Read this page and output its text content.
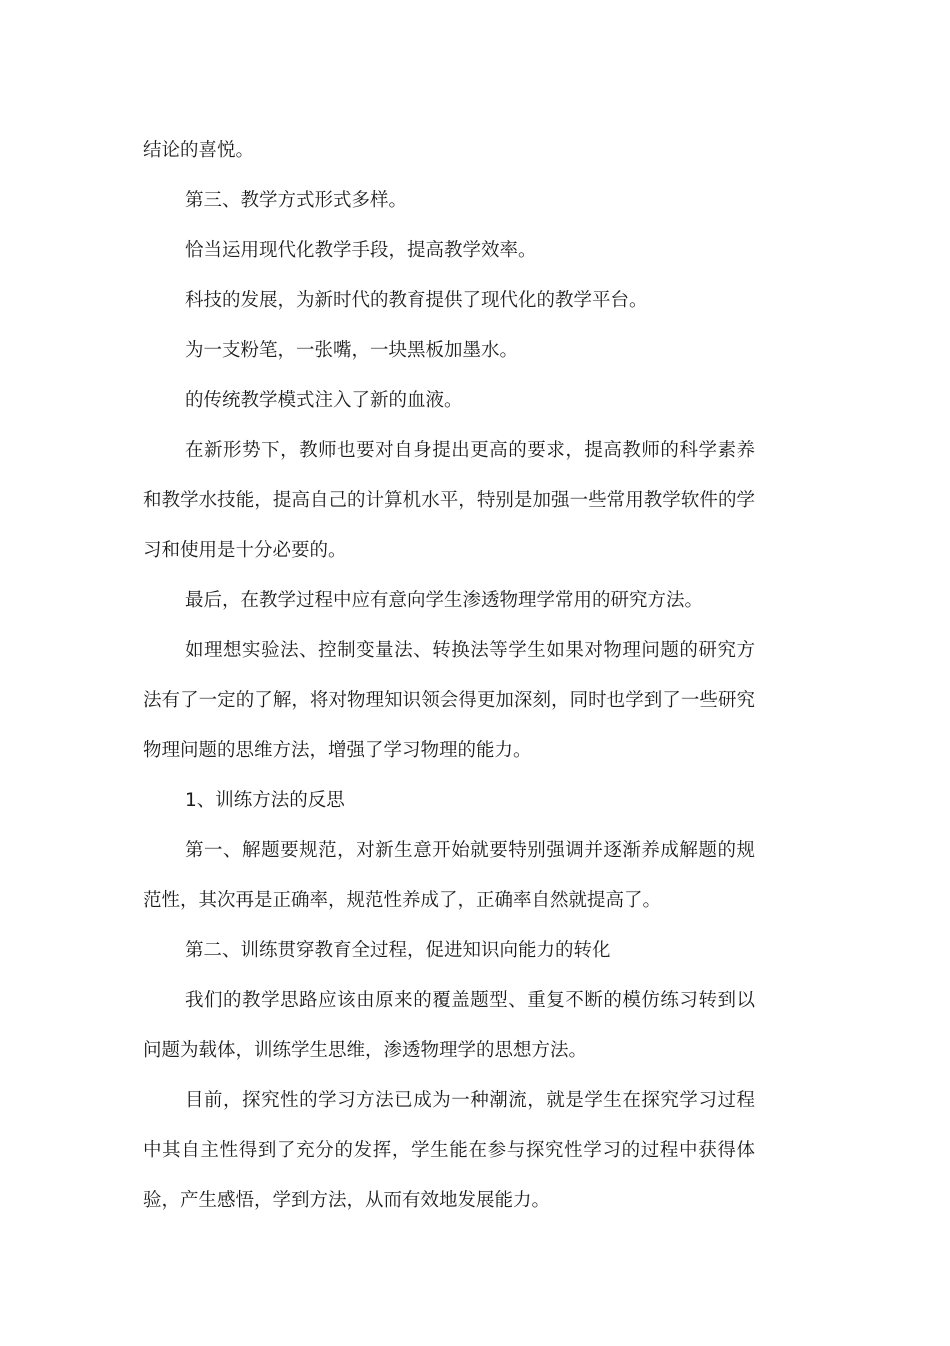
结论的喜悦。

第三、教学方式形式多样。

恰当运用现代化教学手段，提高教学效率。

科技的发展，为新时代的教育提供了现代化的教学平台。

为一支粉笔，一张嘴，一块黑板加墨水。

的传统教学模式注入了新的血液。

在新形势下，教师也要对自身提出更高的要求，提高教师的科学素养和教学水技能，提高自己的计算机水平，特别是加强一些常用教学软件的学习和使用是十分必要的。

最后，在教学过程中应有意向学生渗透物理学常用的研究方法。

如理想实验法、控制变量法、转换法等学生如果对物理问题的研究方法有了一定的了解，将对物理知识领会得更加深刻，同时也学到了一些研究物理问题的思维方法，增强了学习物理的能力。

1、训练方法的反思

第一、解题要规范，对新生意开始就要特别强调并逐渐养成解题的规范性，其次再是正确率，规范性养成了，正确率自然就提高了。

第二、训练贯穿教育全过程，促进知识向能力的转化

我们的教学思路应该由原来的覆盖题型、重复不断的模仿练习转到以问题为载体，训练学生思维，渗透物理学的思想方法。

目前，探究性的学习方法已成为一种潮流，就是学生在探究学习过程中其自主性得到了充分的发挥，学生能在参与探究性学习的过程中获得体验，产生感悟，学到方法，从而有效地发展能力。
